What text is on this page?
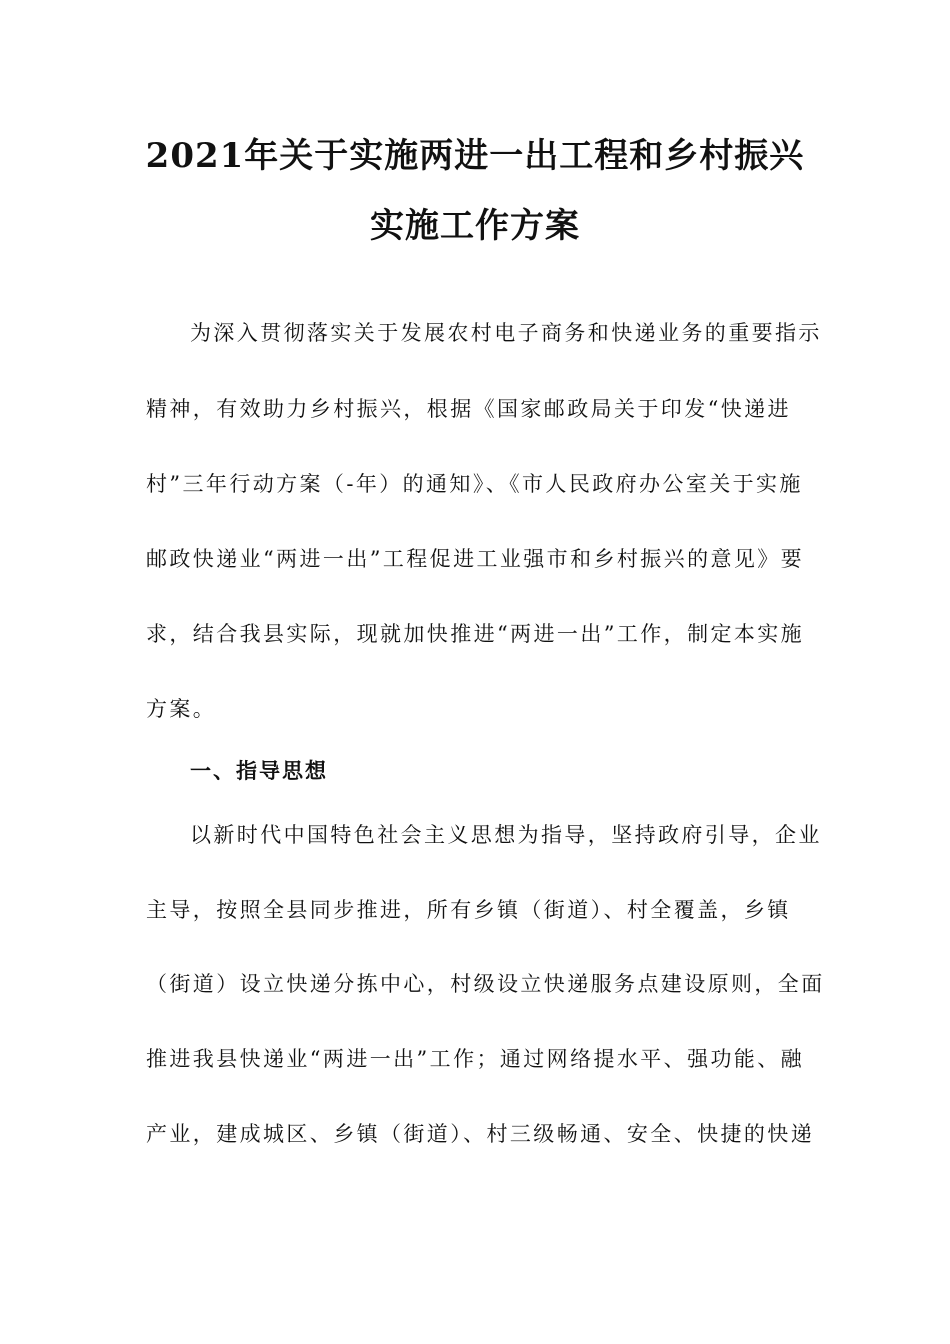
2021年关于实施两进一出工程和乡村振兴
实施工作方案
为深入贯彻落实关于发展农村电子商务和快递业务的重要指示
精神，有效助力乡村振兴，根据《国家邮政局关于印发“快递进
村”三年行动方案（-年）的通知》、《市人民政府办公室关于实施
邮政快递业“两进一出”工程促进工业强市和乡村振兴的意见》要
求，结合我县实际，现就加快推进“两进一出”工作，制定本实施
方案。
一、指导思想
以新时代中国特色社会主义思想为指导，坚持政府引导，企业
主导，按照全县同步推进，所有乡镇（街道）、村全覆盖，乡镇
（街道）设立快递分拣中心，村级设立快递服务点建设原则，全面
推进我县快递业“两进一出”工作；通过网络提水平、强功能、融
产业，建成城区、乡镇（街道）、村三级畅通、安全、快捷的快递
